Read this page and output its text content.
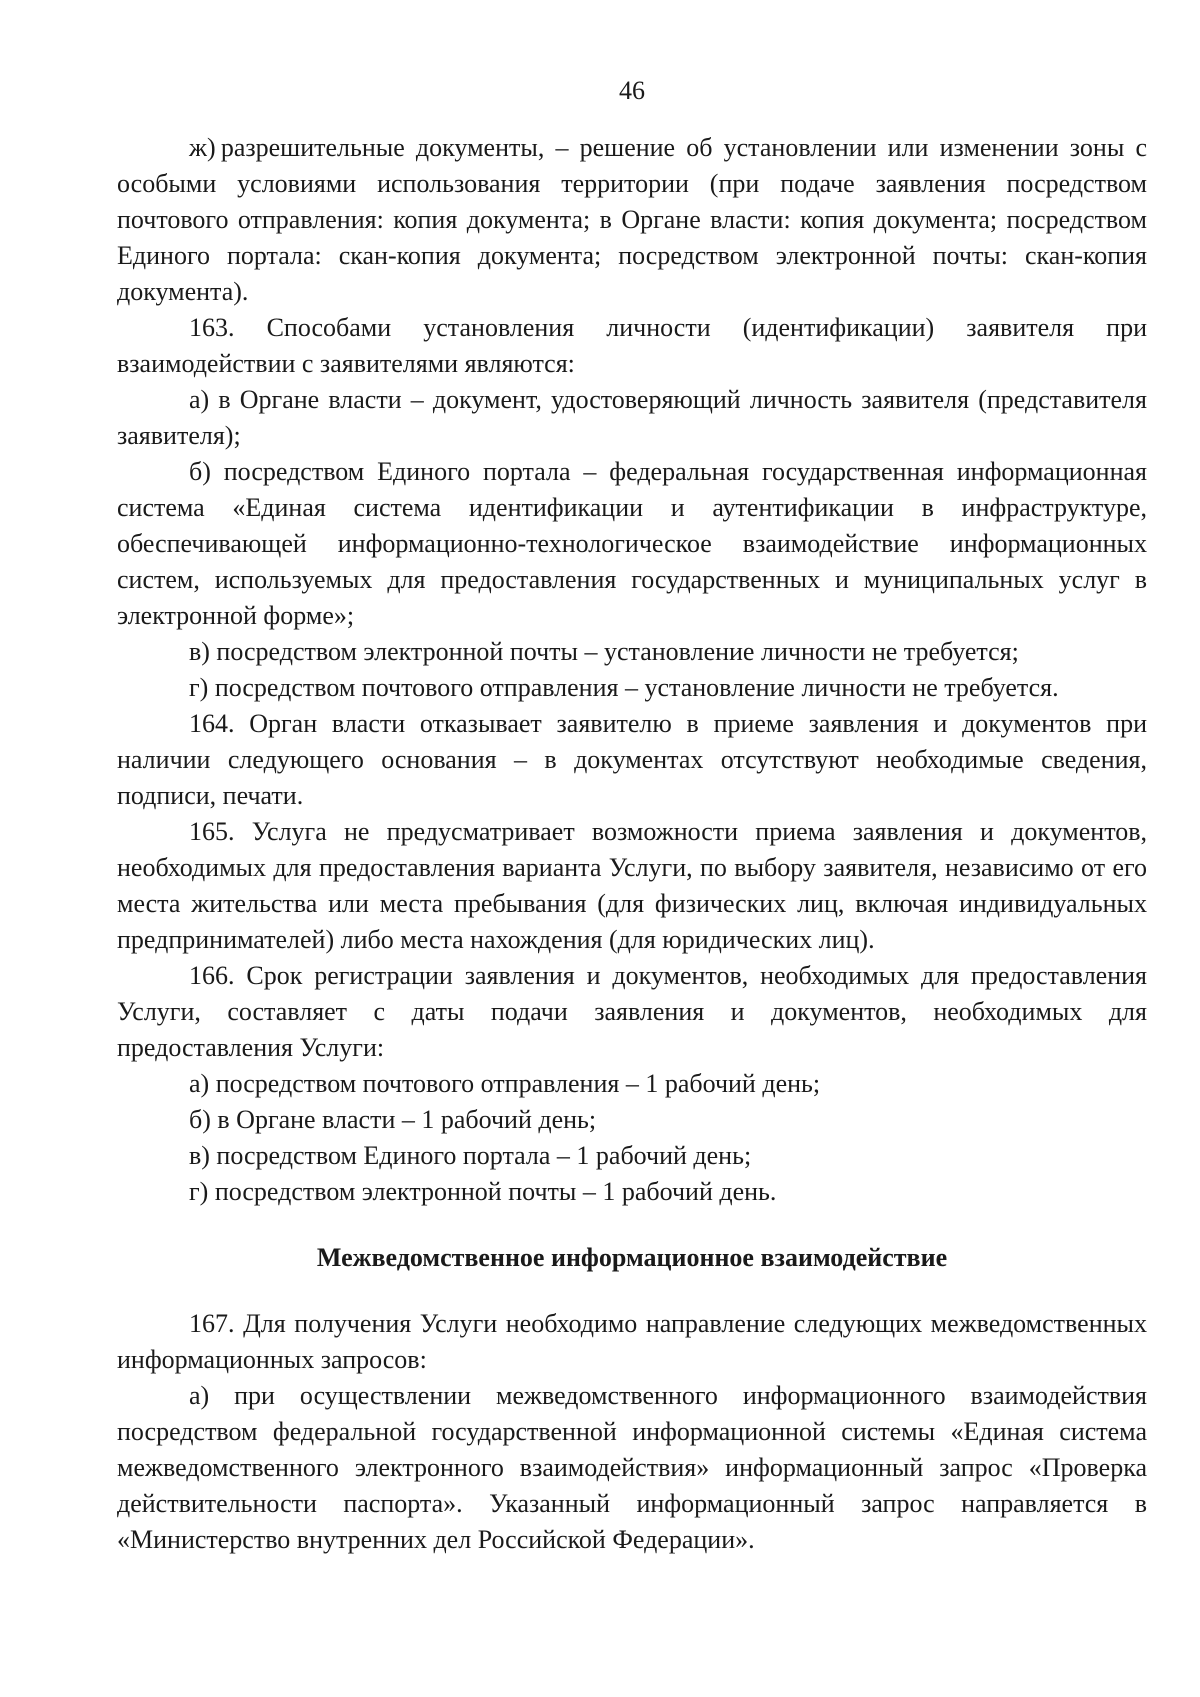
46

ж) разрешительные документы, – решение об установлении или изменении зоны с особыми условиями использования территории (при подаче заявления посредством почтового отправления: копия документа; в Органе власти: копия документа; посредством Единого портала: скан-копия документа; посредством электронной почты: скан-копия документа).

163. Способами установления личности (идентификации) заявителя при взаимодействии с заявителями являются:

а) в Органе власти – документ, удостоверяющий личность заявителя (представителя заявителя);

б) посредством Единого портала – федеральная государственная информационная система «Единая система идентификации и аутентификации в инфраструктуре, обеспечивающей информационно-технологическое взаимодействие информационных систем, используемых для предоставления государственных и муниципальных услуг в электронной форме»;

в) посредством электронной почты – установление личности не требуется;

г) посредством почтового отправления – установление личности не требуется.

164. Орган власти отказывает заявителю в приеме заявления и документов при наличии следующего основания – в документах отсутствуют необходимые сведения, подписи, печати.

165. Услуга не предусматривает возможности приема заявления и документов, необходимых для предоставления варианта Услуги, по выбору заявителя, независимо от его места жительства или места пребывания (для физических лиц, включая индивидуальных предпринимателей) либо места нахождения (для юридических лиц).

166. Срок регистрации заявления и документов, необходимых для предоставления Услуги, составляет с даты подачи заявления и документов, необходимых для предоставления Услуги:

а) посредством почтового отправления – 1 рабочий день;

б) в Органе власти – 1 рабочий день;

в) посредством Единого портала – 1 рабочий день;

г) посредством электронной почты – 1 рабочий день.

Межведомственное информационное взаимодействие

167. Для получения Услуги необходимо направление следующих межведомственных информационных запросов:

а) при осуществлении межведомственного информационного взаимодействия посредством федеральной государственной информационной системы «Единая система межведомственного электронного взаимодействия» информационный запрос «Проверка действительности паспорта». Указанный информационный запрос направляется в «Министерство внутренних дел Российской Федерации».
